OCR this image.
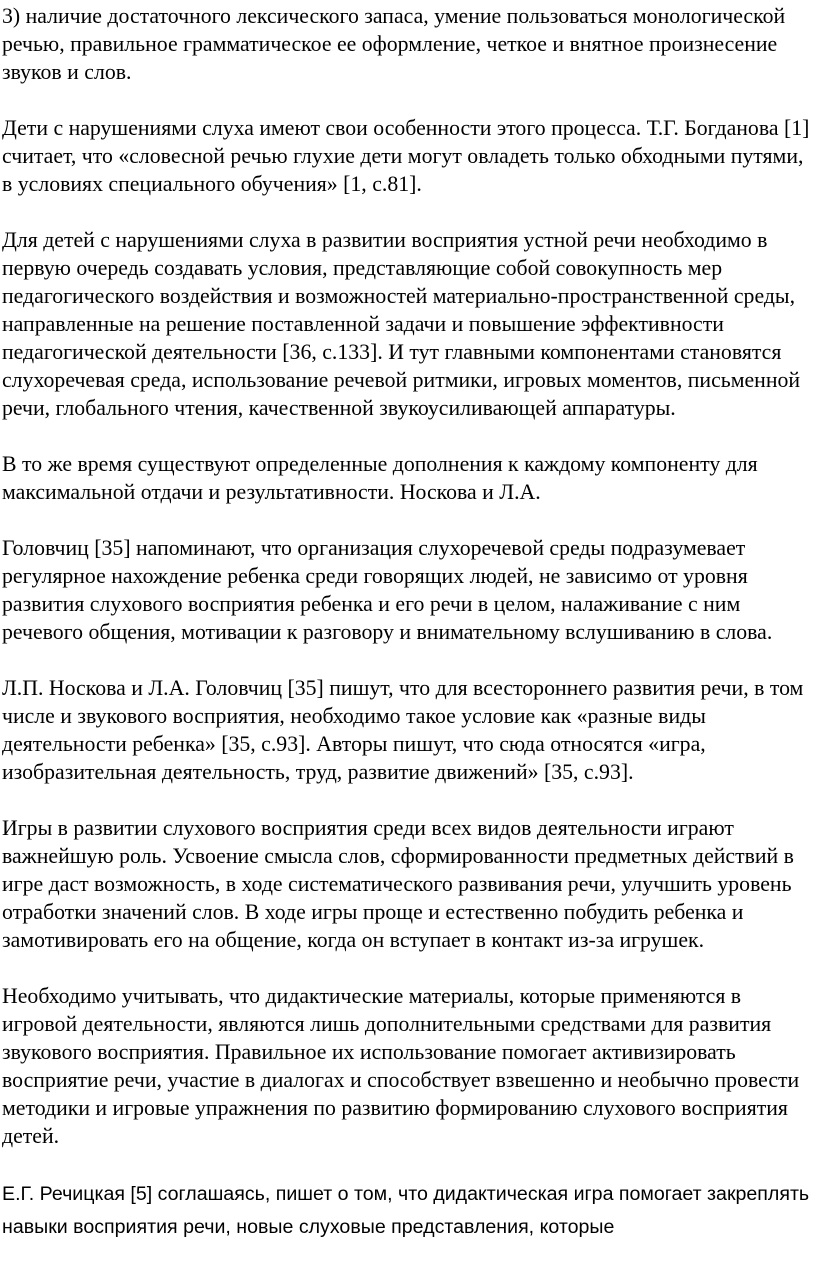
3) наличие достаточного лексического запаса, умение пользоваться монологической речью, правильное грамматическое ее оформление, четкое и внятное произнесение звуков и слов.

Дети с нарушениями слуха имеют свои особенности этого процесса. Т.Г. Богданова [1] считает, что «словесной речью глухие дети могут овладеть только обходными путями, в условиях специального обучения» [1, с.81].

Для детей с нарушениями слуха в развитии восприятия устной речи необходимо в первую очередь создавать условия, представляющие собой совокупность мер педагогического воздействия и возможностей материально-пространственной среды, направленные на решение поставленной задачи и повышение эффективности педагогической деятельности [36, с.133]. И тут главными компонентами становятся слухоречевая среда, использование речевой ритмики, игровых моментов, письменной речи, глобального чтения, качественной звукоусиливающей аппаратуры.

В то же время существуют определенные дополнения к каждому компоненту для максимальной отдачи и результативности. Носкова и Л.А.

Головчиц [35] напоминают, что организация слухоречевой среды подразумевает регулярное нахождение ребенка среди говорящих людей, не зависимо от уровня развития слухового восприятия ребенка и его речи в целом, налаживание с ним речевого общения, мотивации к разговору и внимательному вслушиванию в слова.

Л.П. Носкова и Л.А. Головчиц [35] пишут, что для всестороннего развития речи, в том числе и звукового восприятия, необходимо такое условие как «разные виды деятельности ребенка» [35, с.93]. Авторы пишут, что сюда относятся «игра, изобразительная деятельность, труд, развитие движений» [35, с.93].

Игры в развитии слухового восприятия среди всех видов деятельности играют важнейшую роль. Усвоение смысла слов, сформированности предметных действий в игре даст возможность, в ходе систематического развивания речи, улучшить уровень отработки значений слов. В ходе игры проще и естественно побудить ребенка и замотивировать его на общение, когда он вступает в контакт из-за игрушек.

Необходимо учитывать, что дидактические материалы, которые применяются в игровой деятельности, являются лишь дополнительными средствами для развития звукового восприятия. Правильное их использование помогает активизировать восприятие речи, участие в диалогах и способствует взвешенно и необычно провести методики и игровые упражнения по развитию формированию слухового восприятия детей.

Е.Г. Речицкая [5] соглашаясь, пишет о том, что дидактическая игра помогает закреплять навыки восприятия речи, новые слуховые представления, которые
